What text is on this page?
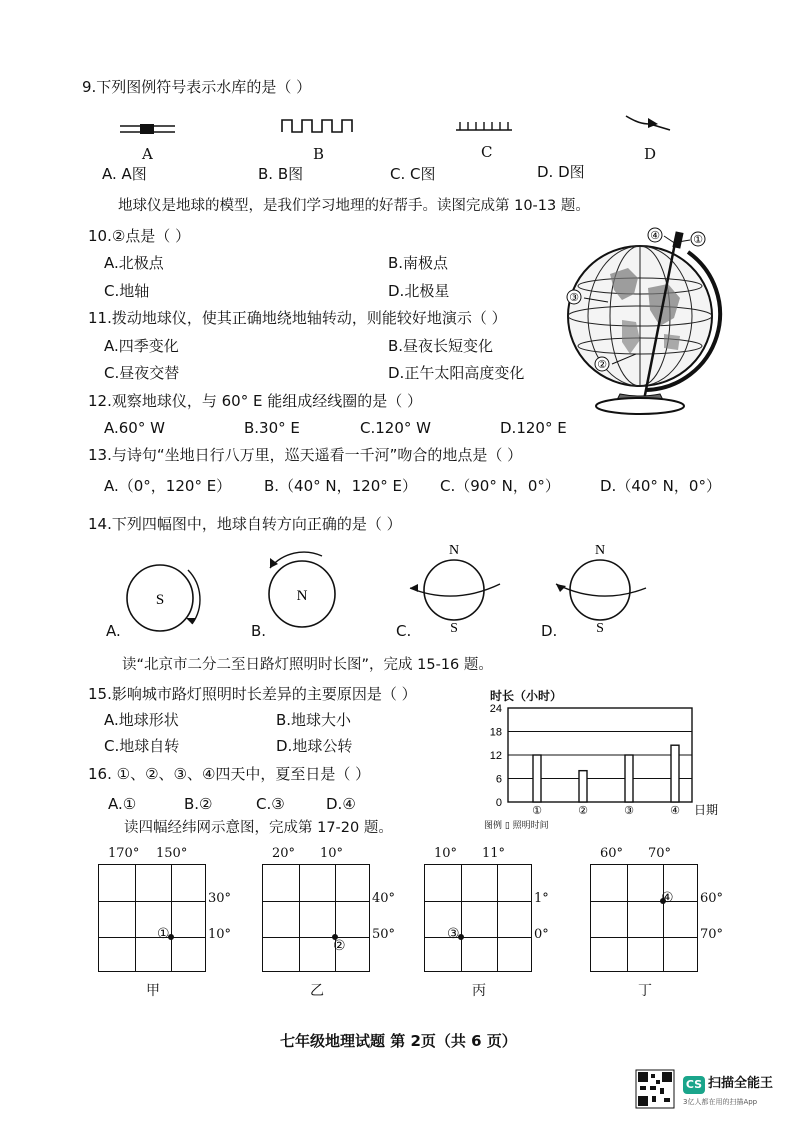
9.下列图例符号表示水库的是（ ）
A	B	C	D
A. A图	B. B图	C. C图	D. D图
地球仪是地球的模型，是我们学习地理的好帮手。读图完成第 10-13 题。
10.②点是（ ）
A.北极点	B.南极点
C.地轴	D.北极星
11.拨动地球仪，使其正确地绕地轴转动，则能较好地演示（ ）
A.四季变化	B.昼夜长短变化
C.昼夜交替	D.正午太阳高度变化
①
④
③
②
12.观察地球仪，与 60° E 能组成经线圈的是（ ）
A.60° W	B.30° E	C.120° W	D.120° E
13.与诗句“坐地日行八万里，巡天遥看一千河”吻合的地点是（ ）
A.（0°，120° E） B.（40° N，120° E） C.（90° N，0°）	D.（40° N，0°）
14.下列四幅图中，地球自转方向正确的是（ ）
S	N
N
S
N
S
A.	B.	C.	D.
读“北京市二分二至日路灯照明时长图”，完成 15-16 题。
15.影响城市路灯照明时长差异的主要原因是（ ）
A.地球形状	B.地球大小
C.地球自转	D.地球公转
16. ①、②、③、④四天中，夏至日是（ ）
A.①	B.②	C.③	D.④
时长（小时）
0
6
12
18
24
①	②	③	④ 日期
图例 ▯ 照明时间
读四幅经纬网示意图，完成第 17-20 题。
①
170° 150°
30°
10°
甲
②
20° 10°
40°
50°
乙
③
10° 11°
1°
0°
丙
④
60° 70°
60°
70°
丁
七年级地理试题 第 2页（共 6 页）
CS 扫描全能王
3亿人都在用的扫描App
